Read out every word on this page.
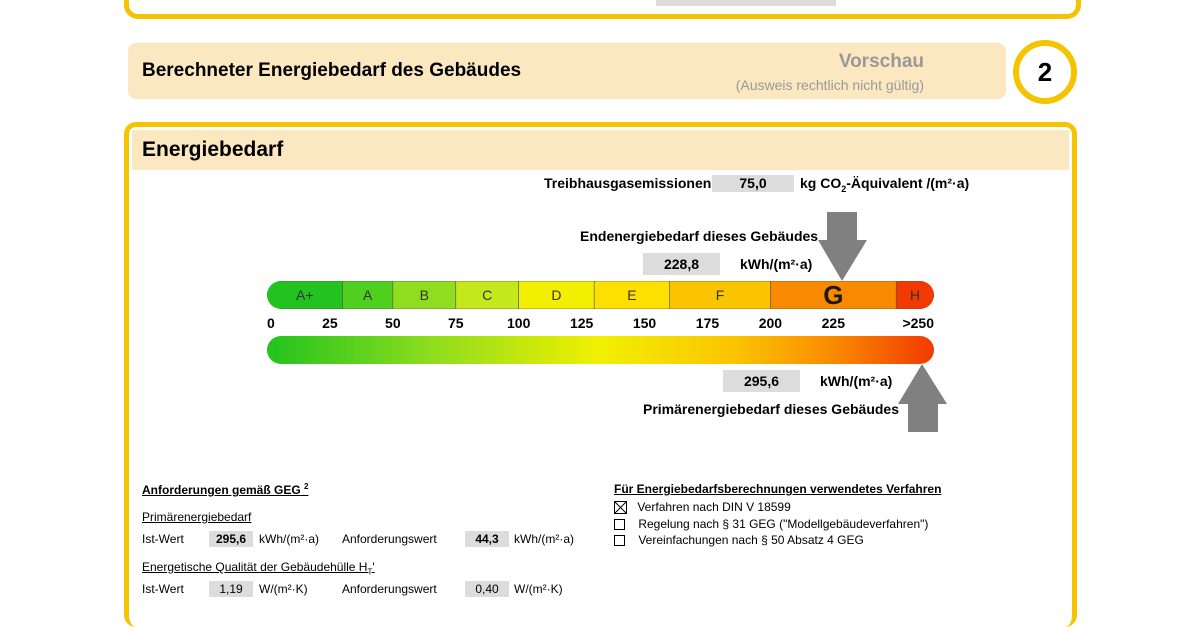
Berechneter Energiebedarf des Gebäudes	Vorschau
(Ausweis rechtlich nicht gültig)	2
Energiebedarf
Treibhausgasemissionen	75,0	kg $CO_2$-Äquivalent /(m²·a)
Endenergiebedarf dieses Gebäudes
228,8	kWh/(m²·a)
A+	A	B	C	D	E	F	G	H
0	25	50	75	100	125	150	175	200	225	>250
295,6	kWh/(m²·a)
Primärenergiebedarf dieses Gebäudes
Anforderungen gemäß GEG $^2$
Primärenergiebedarf
Ist-Wert	295,6	kWh/(m²·a) Anforderungswert	44,3	kWh/(m²·a)
Energetische Qualität der Gebäudehülle $H_T'$
Ist-Wert	1,19	W/(m²·K)	Anforderungswert	0,40	W/(m²·K)
Für Energiebedarfsberechnungen verwendetes Verfahren
Verfahren nach DIN V 18599
Regelung nach § 31 GEG ("Modellgebäudeverfahren")
Vereinfachungen nach § 50 Absatz 4 GEG
